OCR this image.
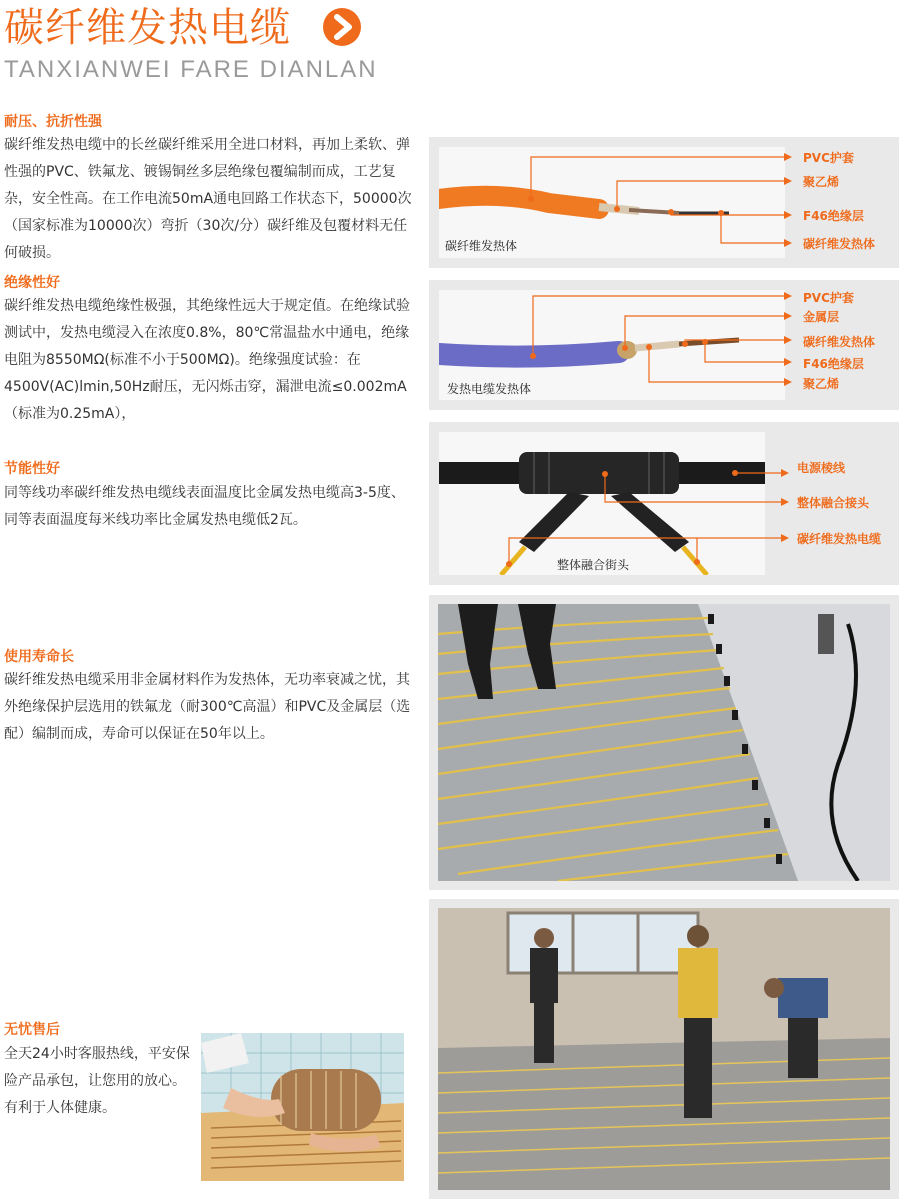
碳纤维发热电缆
TANXIANWEI FARE DIANLAN
耐压、抗折性强
碳纤维发热电缆中的长丝碳纤维采用全进口材料，再加上柔软、弹性强的PVC、铁氟龙、镀锡铜丝多层绝缘包覆编制而成，工艺复杂，安全性高。在工作电流50mA通电回路工作状态下，50000次（国家标准为10000次）弯折（30次/分）碳纤维及包覆材料无任何破损。
绝缘性好
碳纤维发热电缆绝缘性极强，其绝缘性远大于规定值。在绝缘试验测试中，发热电缆浸入在浓度0.8%，80℃常温盐水中通电，绝缘电阻为8550MΩ(标准不小于500MΩ)。绝缘强度试验：在4500V(AC)lmin,50Hz耐压，无闪烁击穿，漏泄电流≤0.002mA（标准为0.25mA），
节能性好
同等线功率碳纤维发热电缆线表面温度比金属发热电缆高3-5度、同等表面温度每米线功率比金属发热电缆低2瓦。
使用寿命长
碳纤维发热电缆采用非金属材料作为发热体，无功率衰减之忧，其外绝缘保护层选用的铁氟龙（耐300℃高温）和PVC及金属层（选配）编制而成，寿命可以保证在50年以上。
无忧售后
全天24小时客服热线，平安保险产品承包，让您用的放心。有利于人体健康。
碳纤维发热体
PVC护套
聚乙烯
F46绝缘层
碳纤维发热体
发热电缆发热体
PVC护套
金属层
碳纤维发热体
F46绝缘层
聚乙烯
整体融合街头
电源棱线
整体融合接头
碳纤维发热电缆
